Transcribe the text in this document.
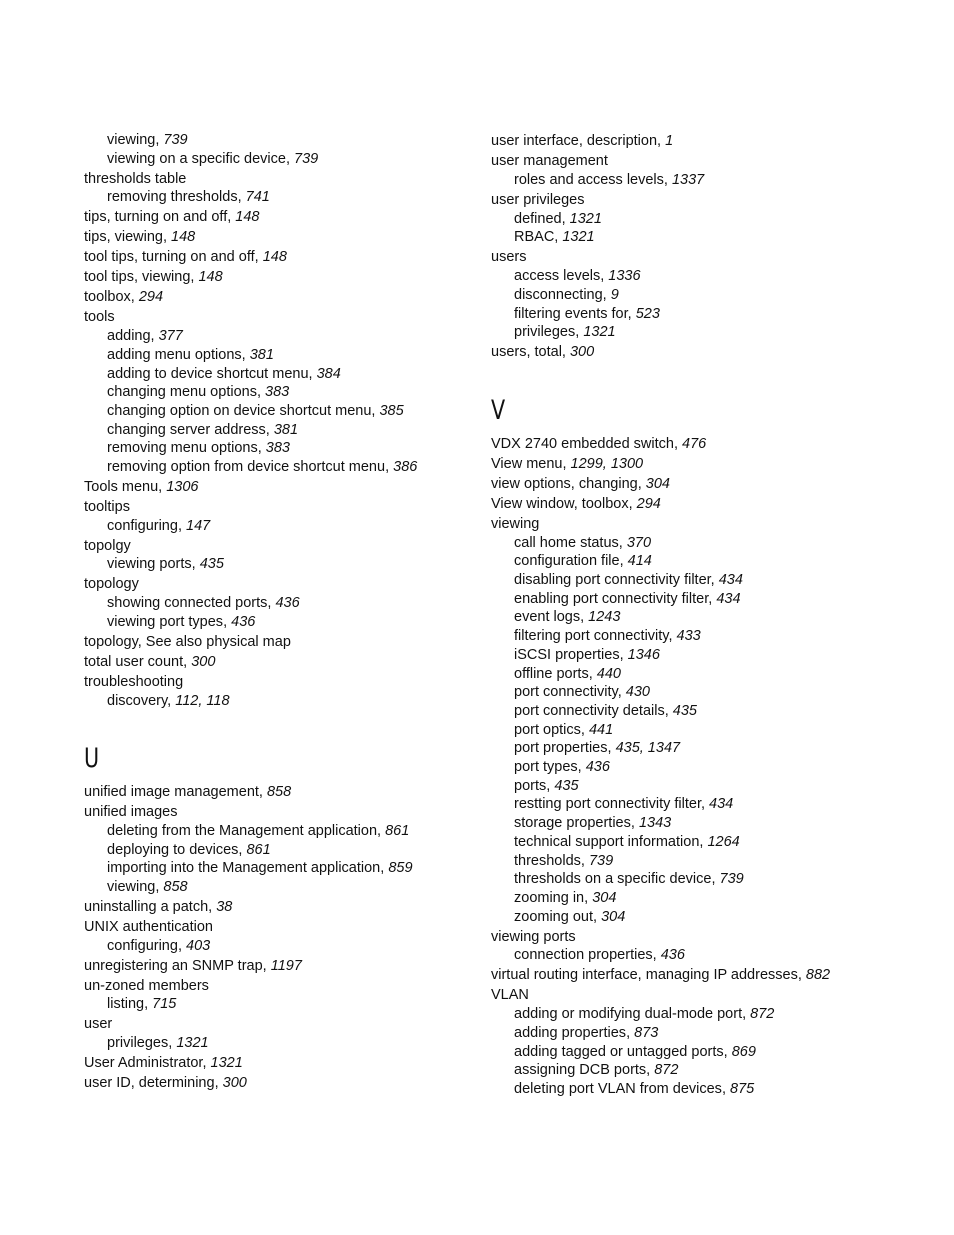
viewing, 739
viewing on a specific device, 739
thresholds table
removing thresholds, 741
tips, turning on and off, 148
tips, viewing, 148
tool tips, turning on and off, 148
tool tips, viewing, 148
toolbox, 294
tools
adding, 377
adding menu options, 381
adding to device shortcut menu, 384
changing menu options, 383
changing option on device shortcut menu, 385
changing server address, 381
removing menu options, 383
removing option from device shortcut menu, 386
Tools menu, 1306
tooltips
configuring, 147
topolgy
viewing ports, 435
topology
showing connected ports, 436
viewing port types, 436
topology, See also physical map
total user count, 300
troubleshooting
discovery, 112, 118
U
unified image management, 858
unified images
deleting from the Management application, 861
deploying to devices, 861
importing into the Management application, 859
viewing, 858
uninstalling a patch, 38
UNIX authentication
configuring, 403
unregistering an SNMP trap, 1197
un-zoned members
listing, 715
user
privileges, 1321
User Administrator, 1321
user ID, determining, 300
user interface, description, 1
user management
roles and access levels, 1337
user privileges
defined, 1321
RBAC, 1321
users
access levels, 1336
disconnecting, 9
filtering events for, 523
privileges, 1321
users, total, 300
V
VDX 2740 embedded switch, 476
View menu, 1299, 1300
view options, changing, 304
View window, toolbox, 294
viewing
call home status, 370
configuration file, 414
disabling port connectivity filter, 434
enabling port connectivity filter, 434
event logs, 1243
filtering port connectivity, 433
iSCSI properties, 1346
offline ports, 440
port connectivity, 430
port connectivity details, 435
port optics, 441
port properties, 435, 1347
port types, 436
ports, 435
restting port connectivity filter, 434
storage properties, 1343
technical support information, 1264
thresholds, 739
thresholds on a specific device, 739
zooming in, 304
zooming out, 304
viewing ports
connection properties, 436
virtual routing interface, managing IP addresses, 882
VLAN
adding or modifying dual-mode port, 872
adding properties, 873
adding tagged or untagged ports, 869
assigning DCB ports, 872
deleting port VLAN from devices, 875
